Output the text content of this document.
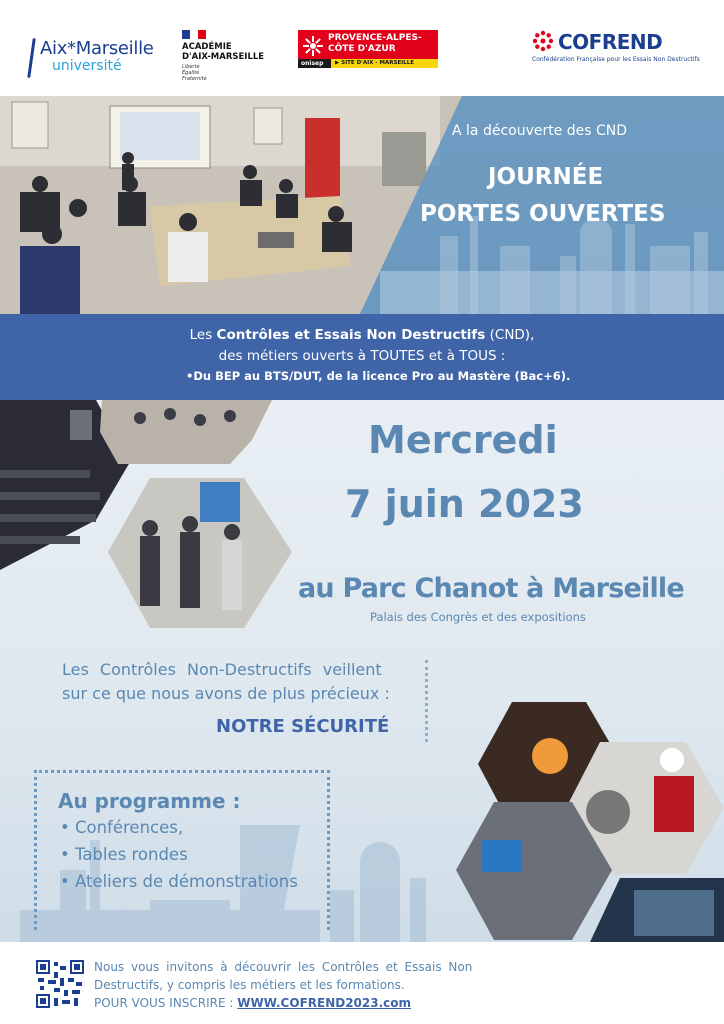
Aix*Marseille
université
ACADÉMIE
D'AIX-MARSEILLE
Liberté
Égalité
Fraternité
PROVENCE-ALPES-
CÔTE D'AZUR
onisep	▶ SITE D'AIX - MARSEILLE
COFREND
Confédération Française pour les Essais Non Destructifs
A la découverte des CND
JOURNÉE
PORTES OUVERTES
Les Contrôles et Essais Non Destructifs (CND),
des métiers ouverts à TOUTES et à TOUS :
•Du BEP au BTS/DUT, de la licence Pro au Mastère (Bac+6).
Mercredi
7 juin 2023
au Parc Chanot à Marseille
Palais des Congrès et des expositions
Les Contrôles Non-Destructifs veillent
sur ce que nous avons de plus précieux :
NOTRE SÉCURITÉ
Au programme :
• Conférences,
• Tables rondes
• Ateliers de démonstrations
Nous vous invitons à découvrir les Contrôles et Essais Non
Destructifs, y compris les métiers et les formations.
POUR VOUS INSCRIRE : WWW.COFREND2023.com
